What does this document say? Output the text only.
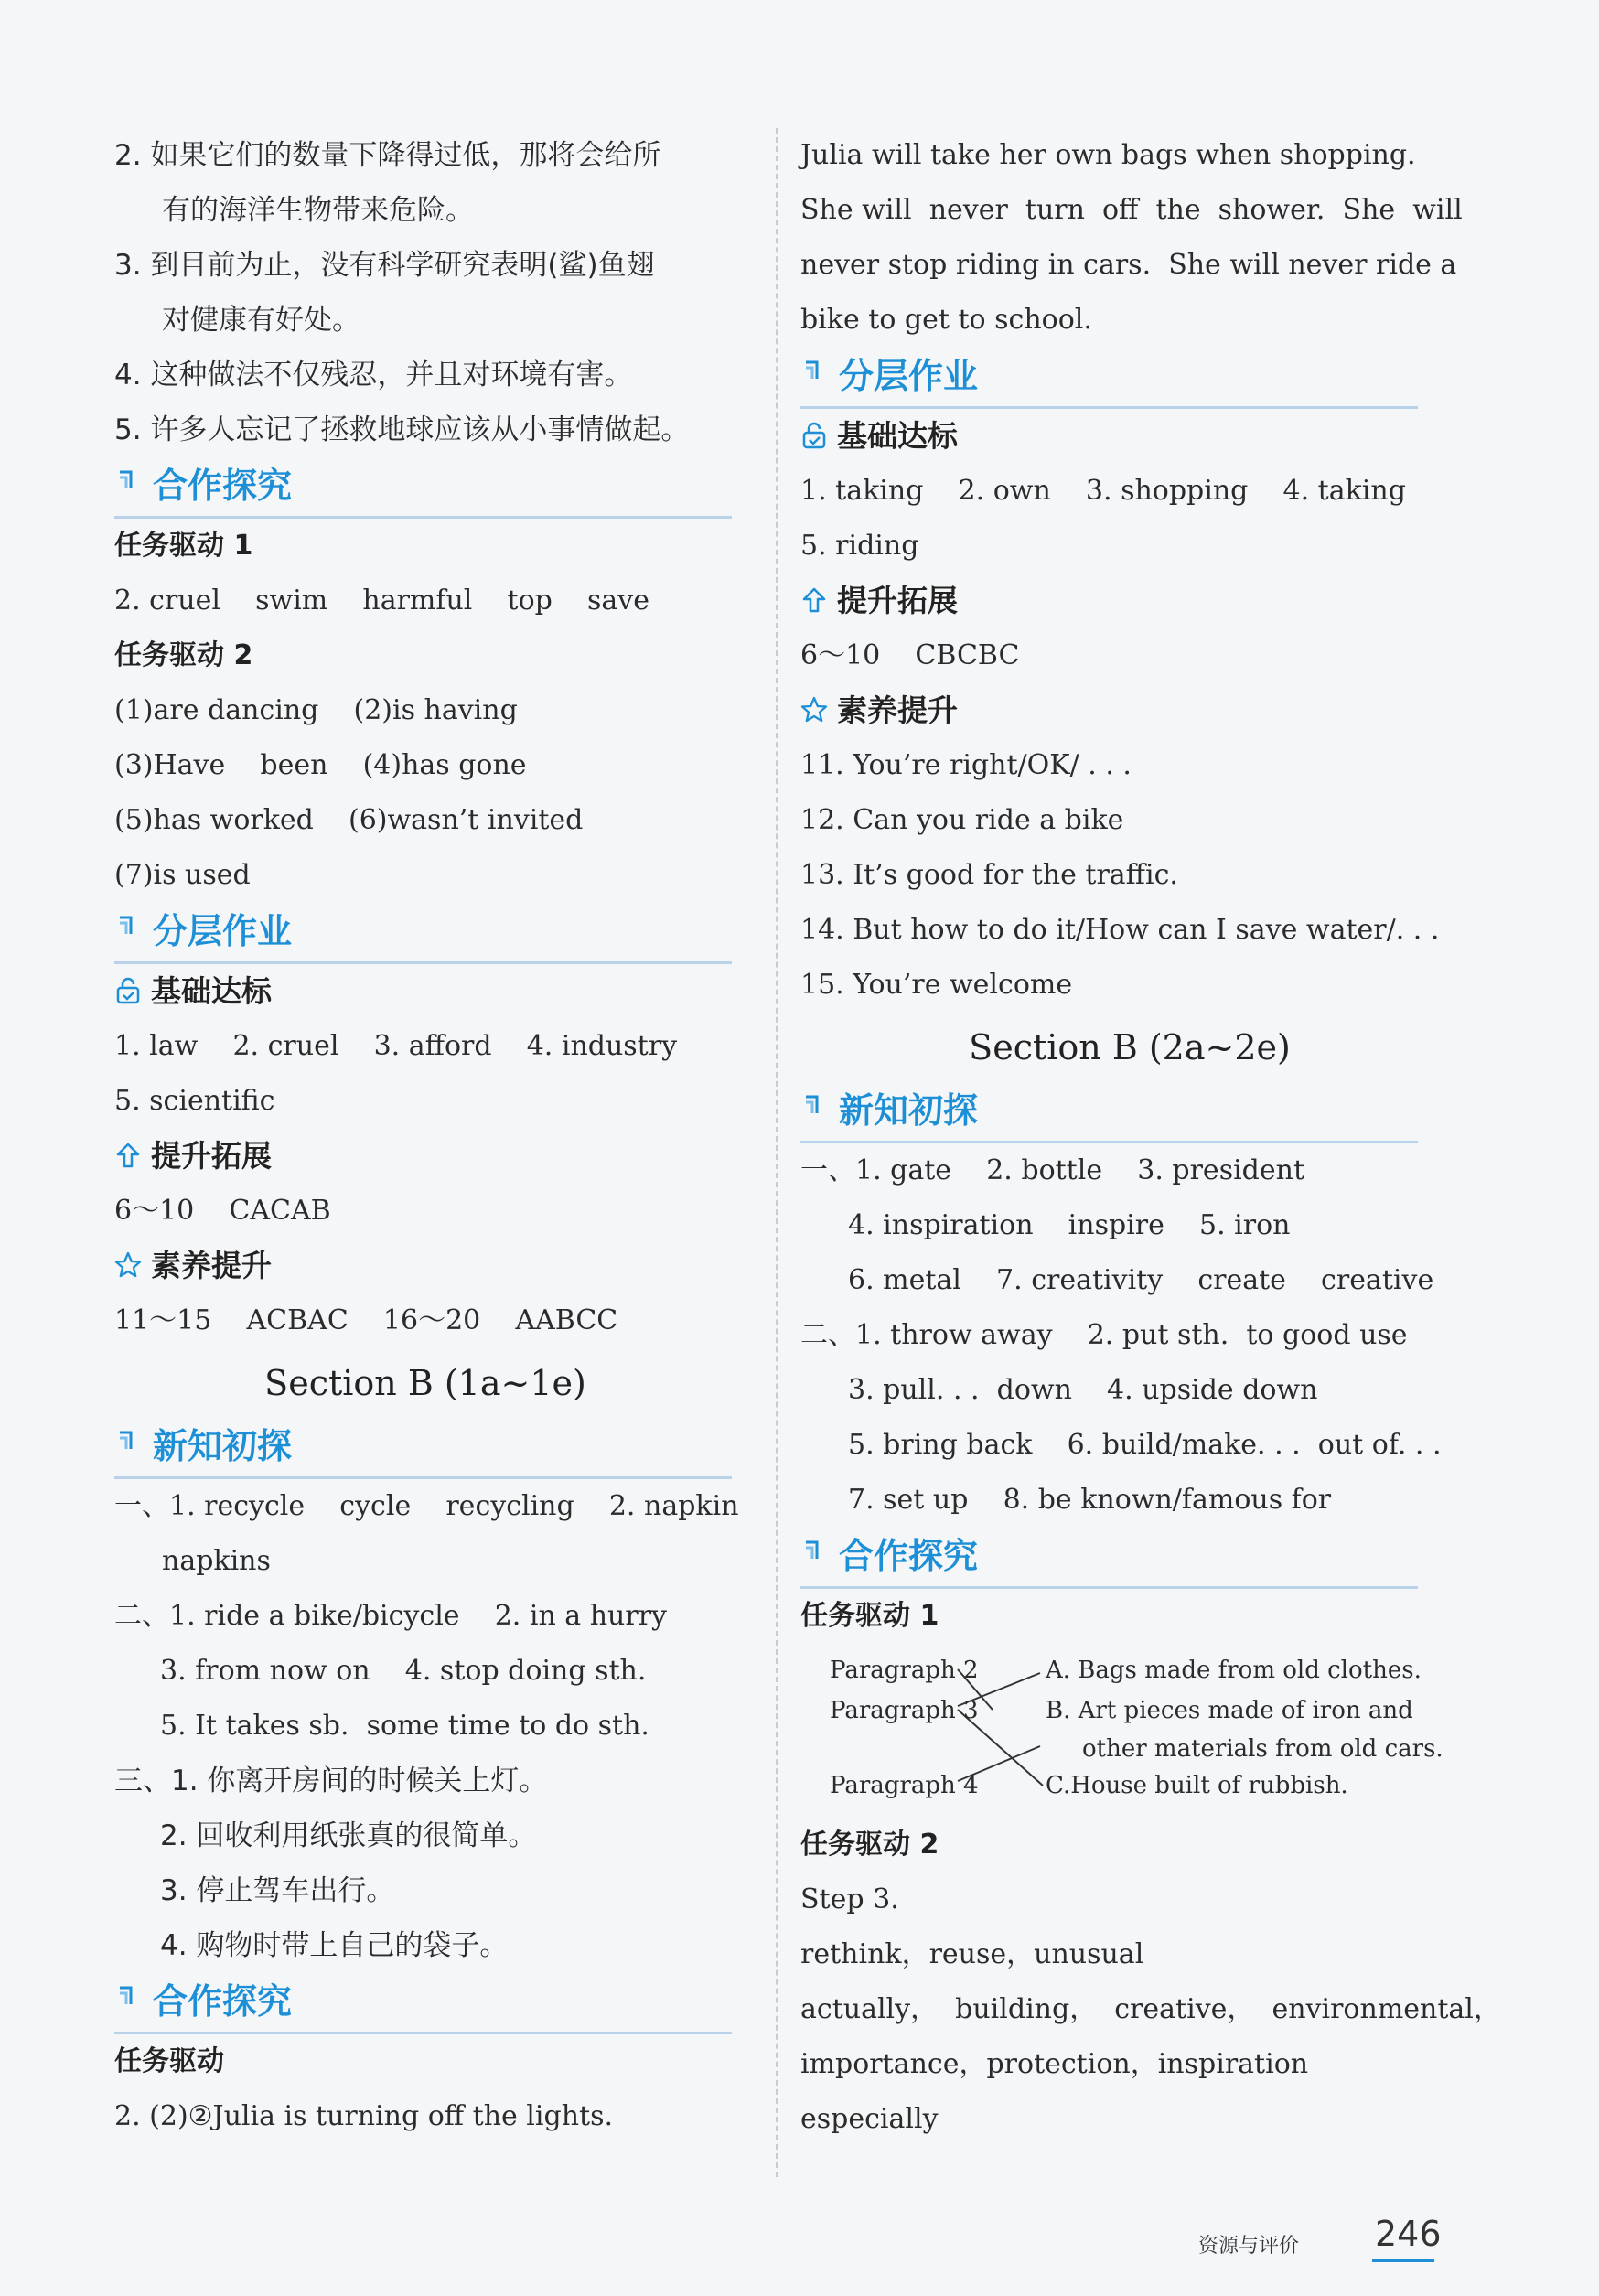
2. 如果它们的数量下降得过低，那将会给所
有的海洋生物带来危险。
3. 到目前为止，没有科学研究表明(鲨)鱼翅
对健康有好处。
4. 这种做法不仅残忍，并且对环境有害。
5. 许多人忘记了拯救地球应该从小事情做起。
合作探究
任务驱动 1
2. cruel    swim    harmful    top    save
任务驱动 2
(1)are dancing    (2)is having
(3)Have    been    (4)has gone
(5)has worked    (6)wasn’t invited
(7)is used
分层作业
基础达标
1. law    2. cruel    3. afford    4. industry
5. scientific
提升拓展
6～10    CACAB
素养提升
11～15    ACBAC    16～20    AABCC
Section B (1a~1e)
新知初探
一、1. recycle    cycle    recycling    2. napkin
napkins
二、1. ride a bike/bicycle    2. in a hurry
3. from now on    4. stop doing sth.
5. It takes sb.  some time to do sth.
三、1. 你离开房间的时候关上灯。
2. 回收利用纸张真的很简单。
3. 停止驾车出行。
4. 购物时带上自己的袋子。
合作探究
任务驱动
2. (2)②Julia is turning off the lights.
Julia will take her own bags when shopping.
She will  never  turn  off  the  shower.  She  will
never stop riding in cars.  She will never ride a
bike to get to school.
分层作业
基础达标
1. taking    2. own    3. shopping    4. taking
5. riding
提升拓展
6～10    CBCBC
素养提升
11. You’re right/OK/ . . .
12. Can you ride a bike
13. It’s good for the traffic.
14. But how to do it/How can I save water/. . .
15. You’re welcome
Section B (2a~2e)
新知初探
一、1. gate    2. bottle    3. president
4. inspiration    inspire    5. iron
6. metal    7. creativity    create    creative
二、1. throw away    2. put sth.  to good use
3. pull. . .  down    4. upside down
5. bring back    6. build/make. . .  out of. . .
7. set up    8. be known/famous for
合作探究
任务驱动 1
Paragraph 2
Paragraph 3
Paragraph 4
A. Bags made from old clothes.
B. Art pieces made of iron and
other materials from old cars.
C.House built of rubbish.
任务驱动 2
Step 3.
rethink，reuse，unusual
actually，  building，  creative，  environmental，
importance，protection，inspiration
especially
资源与评价 246
